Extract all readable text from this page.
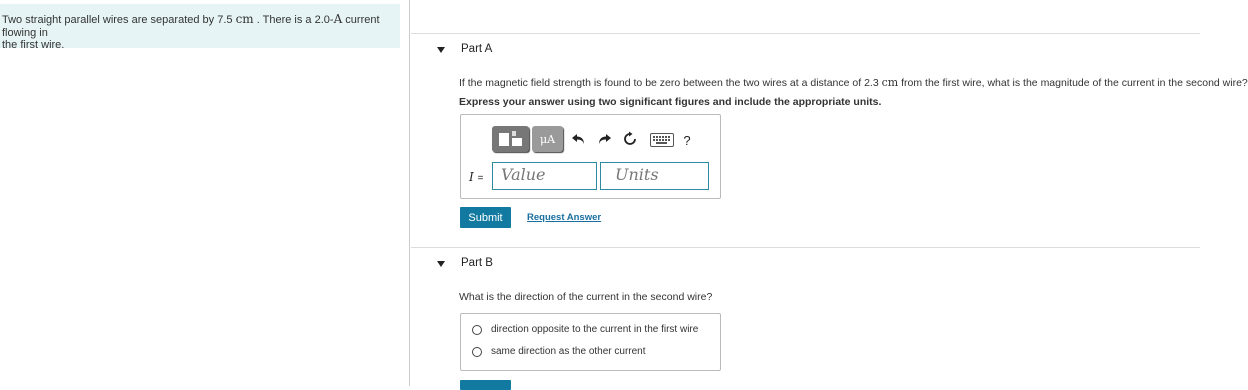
Two straight parallel wires are separated by 7.5 cm . There is a 2.0-A current flowing in
the first wire.	Part A
If the magnetic field strength is found to be zero between the two wires at a distance of 2.3 cm from the first wire, what is the magnitude of the current in the second wire?
Express your answer using two significant figures and include the appropriate units.
μA	?
I =	Value	Units
Submit	Request Answer
Part B
What is the direction of the current in the second wire?
direction opposite to the current in the first wire
same direction as the other current
